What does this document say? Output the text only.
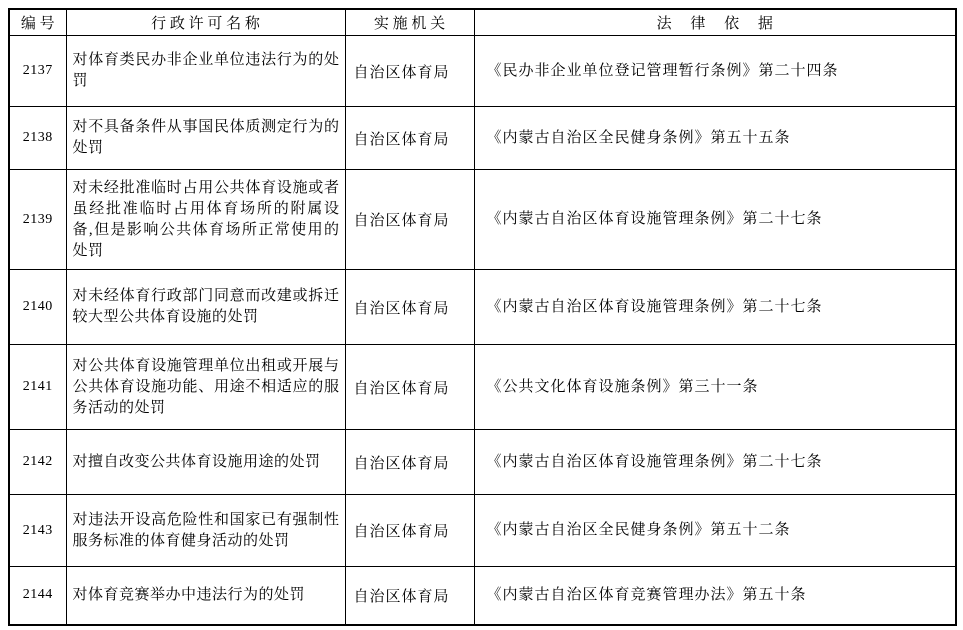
编 号	行 政 许 可 名 称	实 施 机 关	法　 律　 依　 据
2137	对体育类民办非企业单位违法行为的处罚	自治区体育局	《民办非企业单位登记管理暂行条例》第二十四条
2138	对不具备条件从事国民体质测定行为的处罚	自治区体育局	《内蒙古自治区全民健身条例》第五十五条
2139	对未经批准临时占用公共体育设施或者虽经批准临时占用体育场所的附属设备,但是影响公共体育场所正常使用的处罚	自治区体育局	《内蒙古自治区体育设施管理条例》第二十七条
2140	对未经体育行政部门同意而改建或拆迁较大型公共体育设施的处罚	自治区体育局	《内蒙古自治区体育设施管理条例》第二十七条
2141	对公共体育设施管理单位出租或开展与公共体育设施功能、用途不相适应的服务活动的处罚	自治区体育局	《公共文化体育设施条例》第三十一条
2142	对擅自改变公共体育设施用途的处罚	自治区体育局	《内蒙古自治区体育设施管理条例》第二十七条
2143	对违法开设高危险性和国家已有强制性服务标准的体育健身活动的处罚	自治区体育局	《内蒙古自治区全民健身条例》第五十二条
2144	对体育竞赛举办中违法行为的处罚	自治区体育局	《内蒙古自治区体育竞赛管理办法》第五十条
